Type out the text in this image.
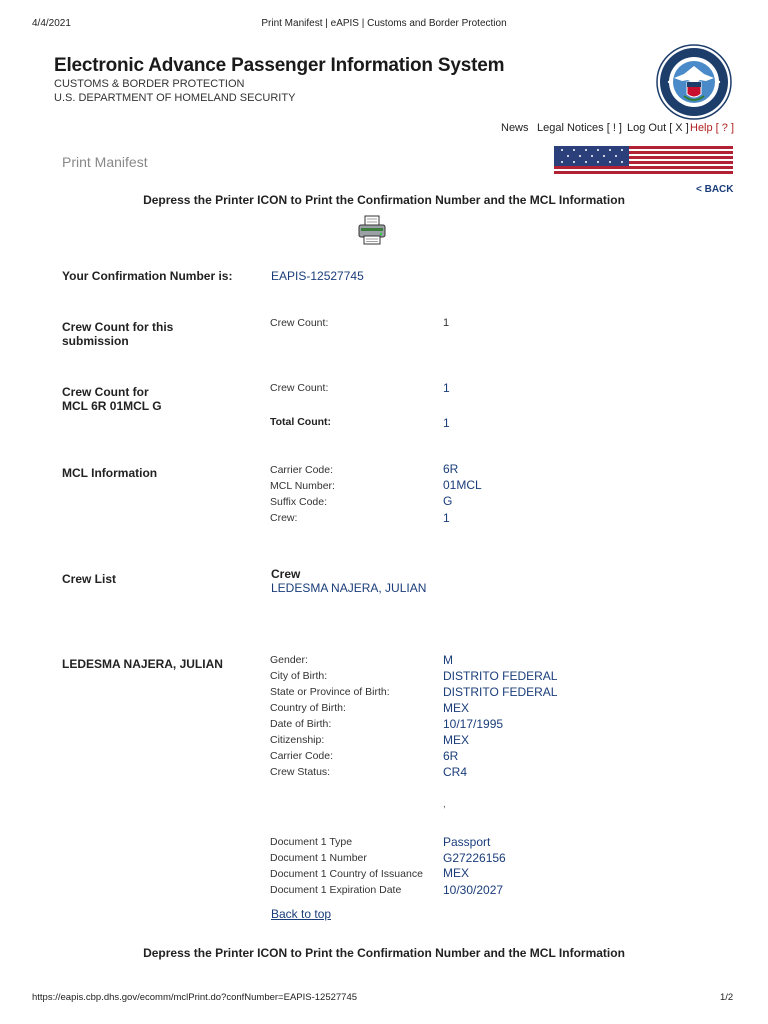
4/4/2021	Print Manifest | eAPIS | Customs and Border Protection
Electronic Advance Passenger Information System
CUSTOMS & BORDER PROTECTION
U.S. DEPARTMENT OF HOMELAND SECURITY
News Legal Notices [ ! ] Log Out [ X ] Help [ ? ]
Print Manifest
< BACK
Depress the Printer ICON to Print the Confirmation Number and the MCL Information
Your Confirmation Number is:	EAPIS-12527745
Crew Count for this
submission
Crew Count:	1
Crew Count for
MCL 6R 01MCL G
Crew Count:	1
Total Count:	1
MCL Information	Carrier Code:	6R
MCL Number:	01MCL
Suffix Code:	G
Crew:	1
Crew List	Crew
LEDESMA NAJERA, JULIAN
LEDESMA NAJERA, JULIAN	Gender:	M
City of Birth:	DISTRITO FEDERAL
State or Province of Birth:	DISTRITO FEDERAL
Country of Birth:	MEX
Date of Birth:	10/17/1995
Citizenship:	MEX
Carrier Code:	6R
Crew Status:	CR4
,
Document 1 Type	Passport
Document 1 Number	G27226156
Document 1 Country of Issuance MEX
Document 1 Expiration Date	10/30/2027
Back to top
Depress the Printer ICON to Print the Confirmation Number and the MCL Information
https://eapis.cbp.dhs.gov/ecomm/mclPrint.do?confNumber=EAPIS-12527745	1/2
